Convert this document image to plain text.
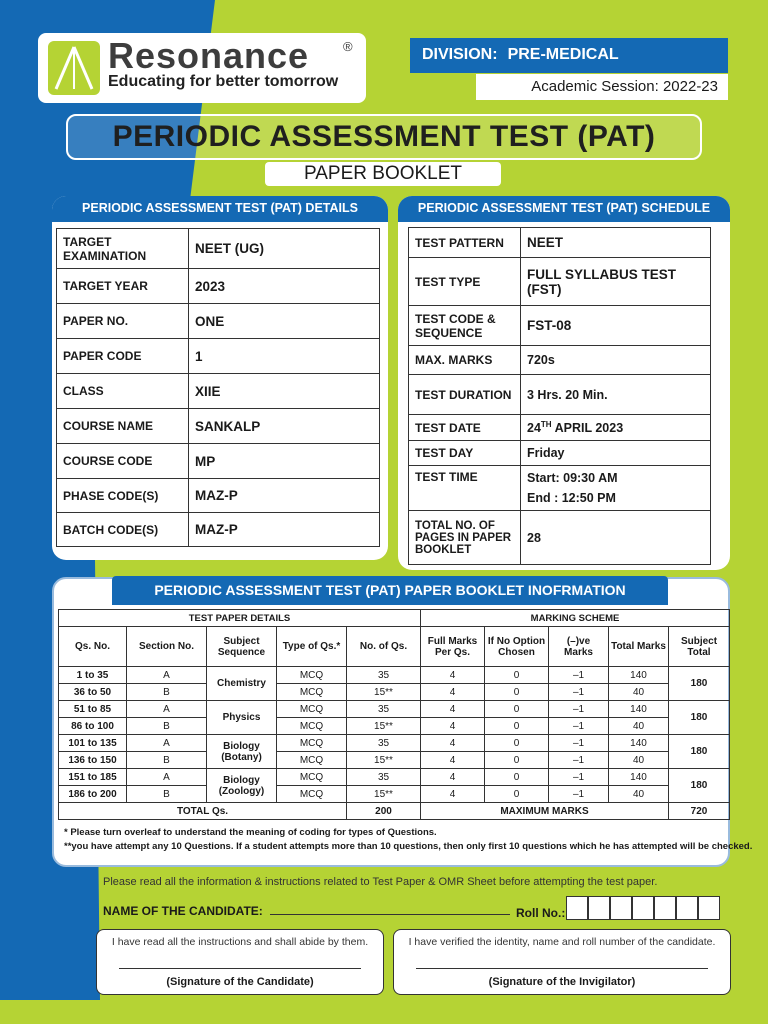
Resonance	®
Educating for better tomorrow
DIVISION: PRE-MEDICAL
Academic Session: 2022-23
PERIODIC ASSESSMENT TEST (PAT)
PAPER BOOKLET
PERIODIC ASSESSMENT TEST (PAT) DETAILS
TARGET EXAMINATION	NEET (UG)
TARGET YEAR	2023
PAPER NO.	ONE
PAPER CODE	1
CLASS	XIIE
COURSE NAME	SANKALP
COURSE CODE	MP
PHASE CODE(S)	MAZ-P
BATCH CODE(S)	MAZ-P
PERIODIC ASSESSMENT TEST (PAT) SCHEDULE
TEST PATTERN	NEET
TEST TYPE	FULL SYLLABUS TEST (FST)
TEST CODE & SEQUENCE	FST-08
MAX. MARKS	720s
TEST DURATION	3 Hrs. 20 Min.
TEST DATE	24TH APRIL 2023
TEST DAY	Friday
TEST TIME	Start: 09:30 AM
End : 12:50 PM

TOTAL NO. OF PAGES IN PAPER BOOKLET	28
PERIODIC ASSESSMENT TEST (PAT) PAPER BOOKLET INOFRMATION
TEST PAPER DETAILS					MARKING SCHEME				
Qs. No.	Section No.	Subject Sequence	Type of Qs.*	No. of Qs.	Full Marks Per Qs.	If No Option Chosen	(–)ve Marks	Total Marks	Subject Total
1 to 35	A	Chemistry	MCQ	35	4	0	–1	140	180
36 to 50	B		MCQ	15**	4	0	–1	40	
51 to 85	A	Physics	MCQ	35	4	0	–1	140	180
86 to 100	B		MCQ	15**	4	0	–1	40	
101 to 135	A	Biology (Botany)	MCQ	35	4	0	–1	140	180
136 to 150	B		MCQ	15**	4	0	–1	40	
151 to 185	A	Biology (Zoology)	MCQ	35	4	0	–1	140	180
186 to 200	B		MCQ	15**	4	0	–1	40	
TOTAL Qs.				200	MAXIMUM MARKS				720
* Please turn overleaf to understand the meaning of coding for types of Questions.
**you have attempt any 10 Questions. If a student attempts more than 10 questions, then only first 10 questions which he has attempted will be checked.
Please read all the information & instructions related to Test Paper & OMR Sheet before attempting the test paper.
NAME OF THE CANDIDATE:	Roll No.:
I have read all the instructions and shall abide by them.
(Signature of the Candidate)
I have verified the identity, name and roll number of the candidate.
(Signature of the Invigilator)
